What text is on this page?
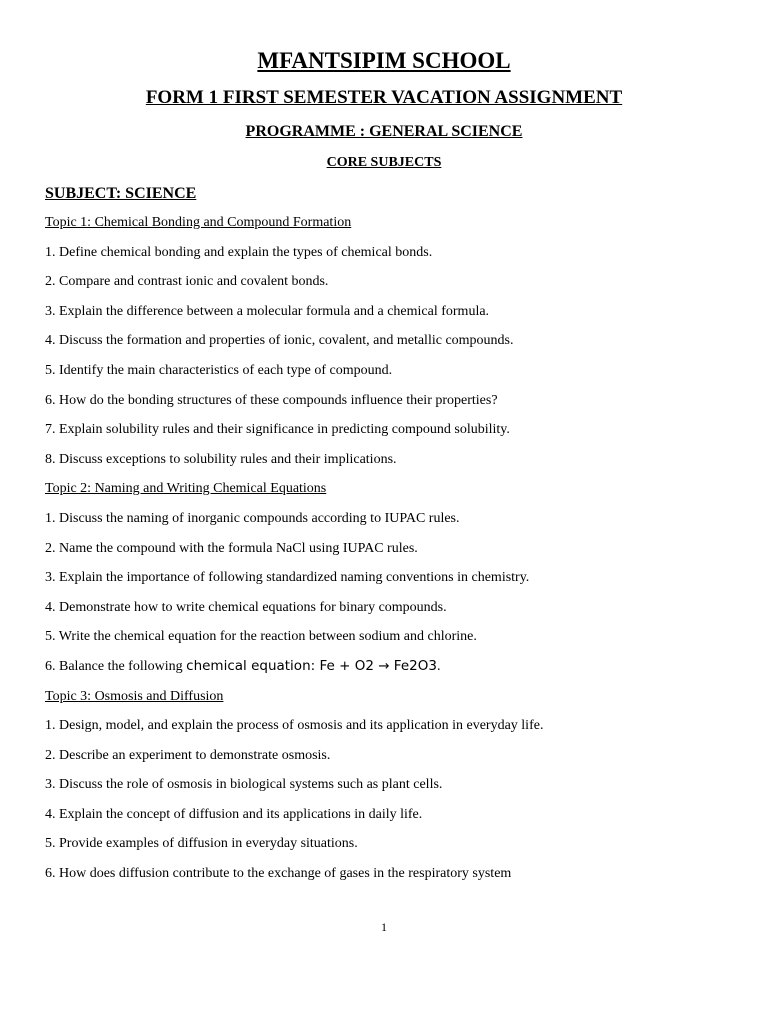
MFANTSIPIM SCHOOL
FORM 1 FIRST SEMESTER VACATION ASSIGNMENT
PROGRAMME : GENERAL SCIENCE
CORE SUBJECTS
SUBJECT: SCIENCE
Topic 1: Chemical Bonding and Compound Formation
1. Define chemical bonding and explain the types of chemical bonds.
2. Compare and contrast ionic and covalent bonds.
3. Explain the difference between a molecular formula and a chemical formula.
4. Discuss the formation and properties of ionic, covalent, and metallic compounds.
5. Identify the main characteristics of each type of compound.
6. How do the bonding structures of these compounds influence their properties?
7. Explain solubility rules and their significance in predicting compound solubility.
8. Discuss exceptions to solubility rules and their implications.
Topic 2: Naming and Writing Chemical Equations
1. Discuss the naming of inorganic compounds according to IUPAC rules.
2. Name the compound with the formula NaCl using IUPAC rules.
3. Explain the importance of following standardized naming conventions in chemistry.
4. Demonstrate how to write chemical equations for binary compounds.
5. Write the chemical equation for the reaction between sodium and chlorine.
6. Balance the following chemical equation: Fe + O2 → Fe2O3.
Topic 3: Osmosis and Diffusion
1. Design, model, and explain the process of osmosis and its application in everyday life.
2. Describe an experiment to demonstrate osmosis.
3. Discuss the role of osmosis in biological systems such as plant cells.
4. Explain the concept of diffusion and its applications in daily life.
5. Provide examples of diffusion in everyday situations.
6. How does diffusion contribute to the exchange of gases in the respiratory system
1
